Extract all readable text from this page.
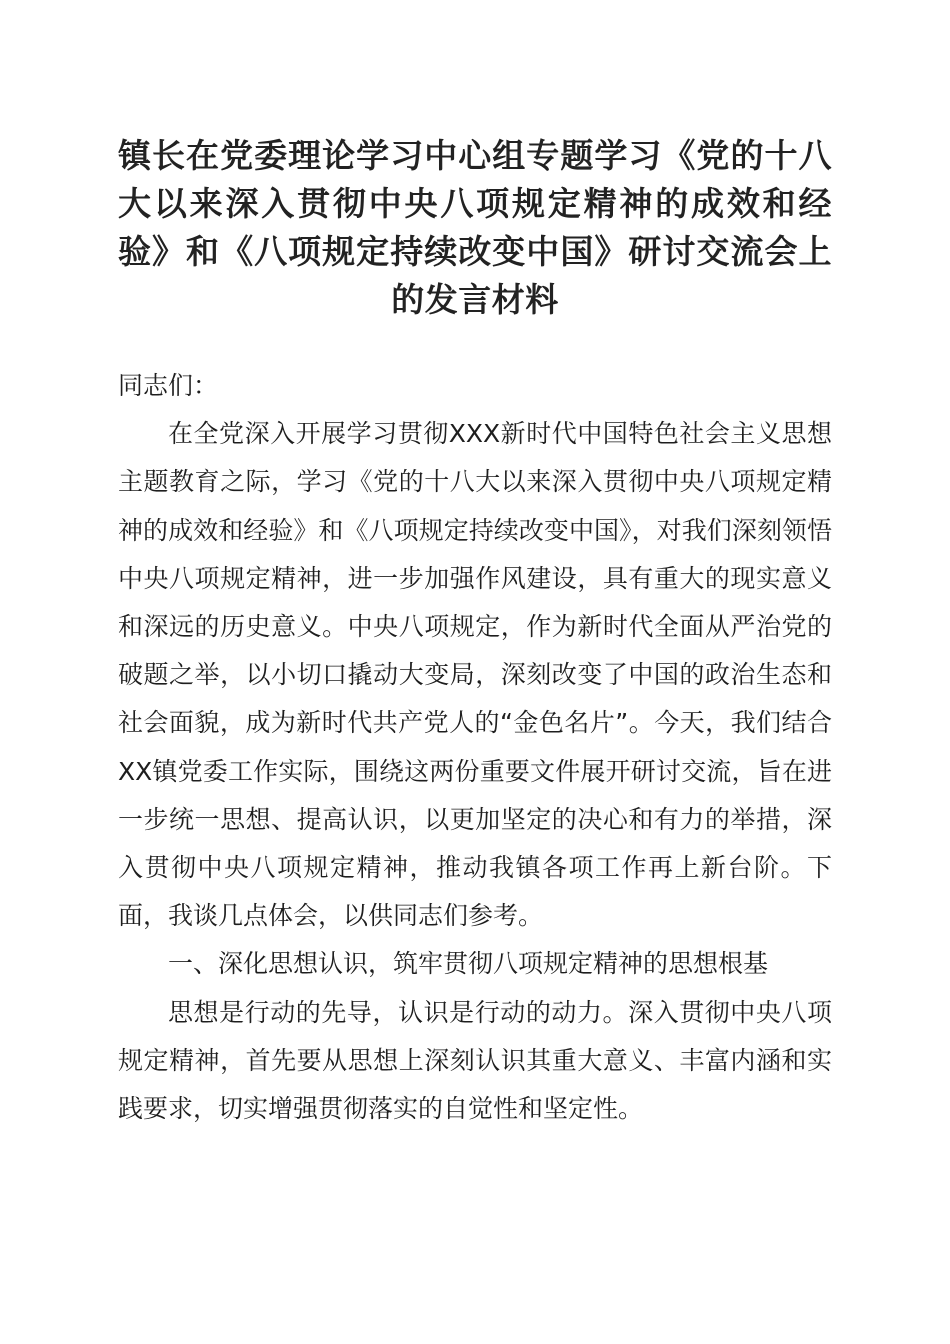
镇长在党委理论学习中心组专题学习《党的十八大以来深入贯彻中央八项规定精神的成效和经验》和《八项规定持续改变中国》研讨交流会上的发言材料

同志们：

在全党深入开展学习贯彻XXX新时代中国特色社会主义思想主题教育之际，学习《党的十八大以来深入贯彻中央八项规定精神的成效和经验》和《八项规定持续改变中国》，对我们深刻领悟中央八项规定精神，进一步加强作风建设，具有重大的现实意义和深远的历史意义。中央八项规定，作为新时代全面从严治党的破题之举，以小切口撬动大变局，深刻改变了中国的政治生态和社会面貌，成为新时代共产党人的“金色名片”。今天，我们结合XX镇党委工作实际，围绕这两份重要文件展开研讨交流，旨在进一步统一思想、提高认识，以更加坚定的决心和有力的举措，深入贯彻中央八项规定精神，推动我镇各项工作再上新台阶。下面，我谈几点体会，以供同志们参考。

一、深化思想认识，筑牢贯彻八项规定精神的思想根基

思想是行动的先导，认识是行动的动力。深入贯彻中央八项规定精神，首先要从思想上深刻认识其重大意义、丰富内涵和实践要求，切实增强贯彻落实的自觉性和坚定性。
